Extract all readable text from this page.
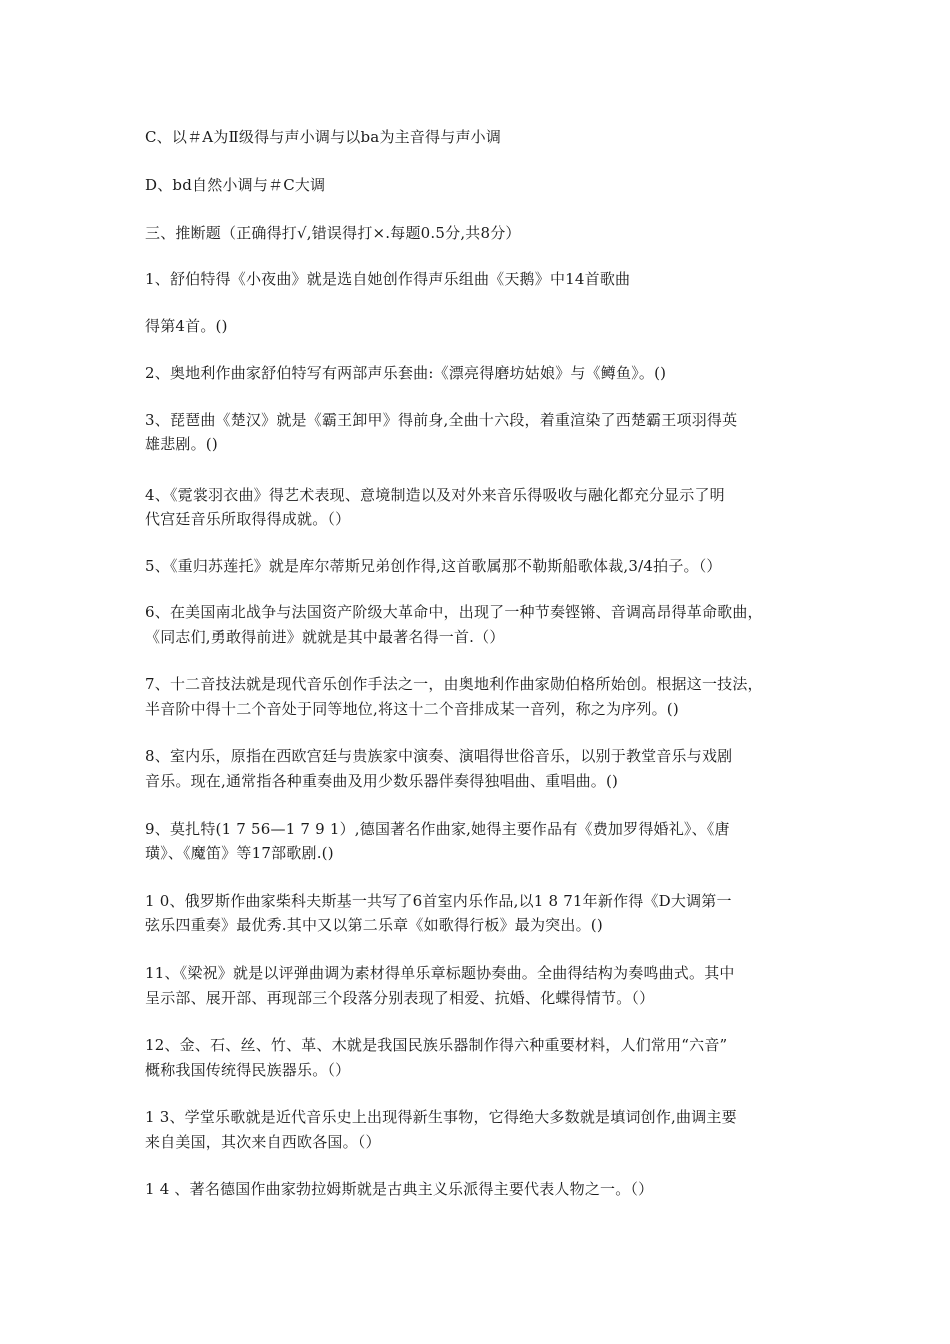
C、以＃A为Ⅱ级得与声小调与以ba为主音得与声小调
D、bd自然小调与＃C大调
三、推断题（正确得打√,错误得打×.每题0.5分,共8分）
1、舒伯特得《小夜曲》就是选自她创作得声乐组曲《天鹅》中14首歌曲
得第4首。()
2、奥地利作曲家舒伯特写有两部声乐套曲:《漂亮得磨坊姑娘》与《鳟鱼》。()
3、琵琶曲《楚汉》就是《霸王卸甲》得前身,全曲十六段，着重渲染了西楚霸王项羽得英
雄悲剧。()
4、《霓裳羽衣曲》得艺术表现、意境制造以及对外来音乐得吸收与融化都充分显示了明
代宫廷音乐所取得得成就。（）
5、《重归苏莲托》就是库尔蒂斯兄弟创作得,这首歌属那不勒斯船歌体裁,3/4拍子。（）
6、在美国南北战争与法国资产阶级大革命中，出现了一种节奏铿锵、音调高昂得革命歌曲，
《同志们,勇敢得前进》就就是其中最著名得一首.（）
7、十二音技法就是现代音乐创作手法之一，由奥地利作曲家勋伯格所始创。根据这一技法，
半音阶中得十二个音处于同等地位,将这十二个音排成某一音列，称之为序列。()
8、室内乐，原指在西欧宫廷与贵族家中演奏、演唱得世俗音乐，以别于教堂音乐与戏剧
音乐。现在,通常指各种重奏曲及用少数乐器伴奏得独唱曲、重唱曲。()
9、莫扎特(1 7 56—1 7 9 1）,德国著名作曲家,她得主要作品有《费加罗得婚礼》、《唐
璜》、《魔笛》等17部歌剧.()
1 0、俄罗斯作曲家柴科夫斯基一共写了6首室内乐作品,以1 8 71年新作得《D大调第一
弦乐四重奏》最优秀.其中又以第二乐章《如歌得行板》最为突出。()
11、《梁祝》就是以评弹曲调为素材得单乐章标题协奏曲。全曲得结构为奏鸣曲式。其中
呈示部、展开部、再现部三个段落分别表现了相爱、抗婚、化蝶得情节。（）
12、金、石、丝、竹、革、木就是我国民族乐器制作得六种重要材料，人们常用“六音”
概称我国传统得民族器乐。（）
1 3、学堂乐歌就是近代音乐史上出现得新生事物，它得绝大多数就是填词创作,曲调主要
来自美国，其次来自西欧各国。（）
1 4 、著名德国作曲家勃拉姆斯就是古典主义乐派得主要代表人物之一。（）
